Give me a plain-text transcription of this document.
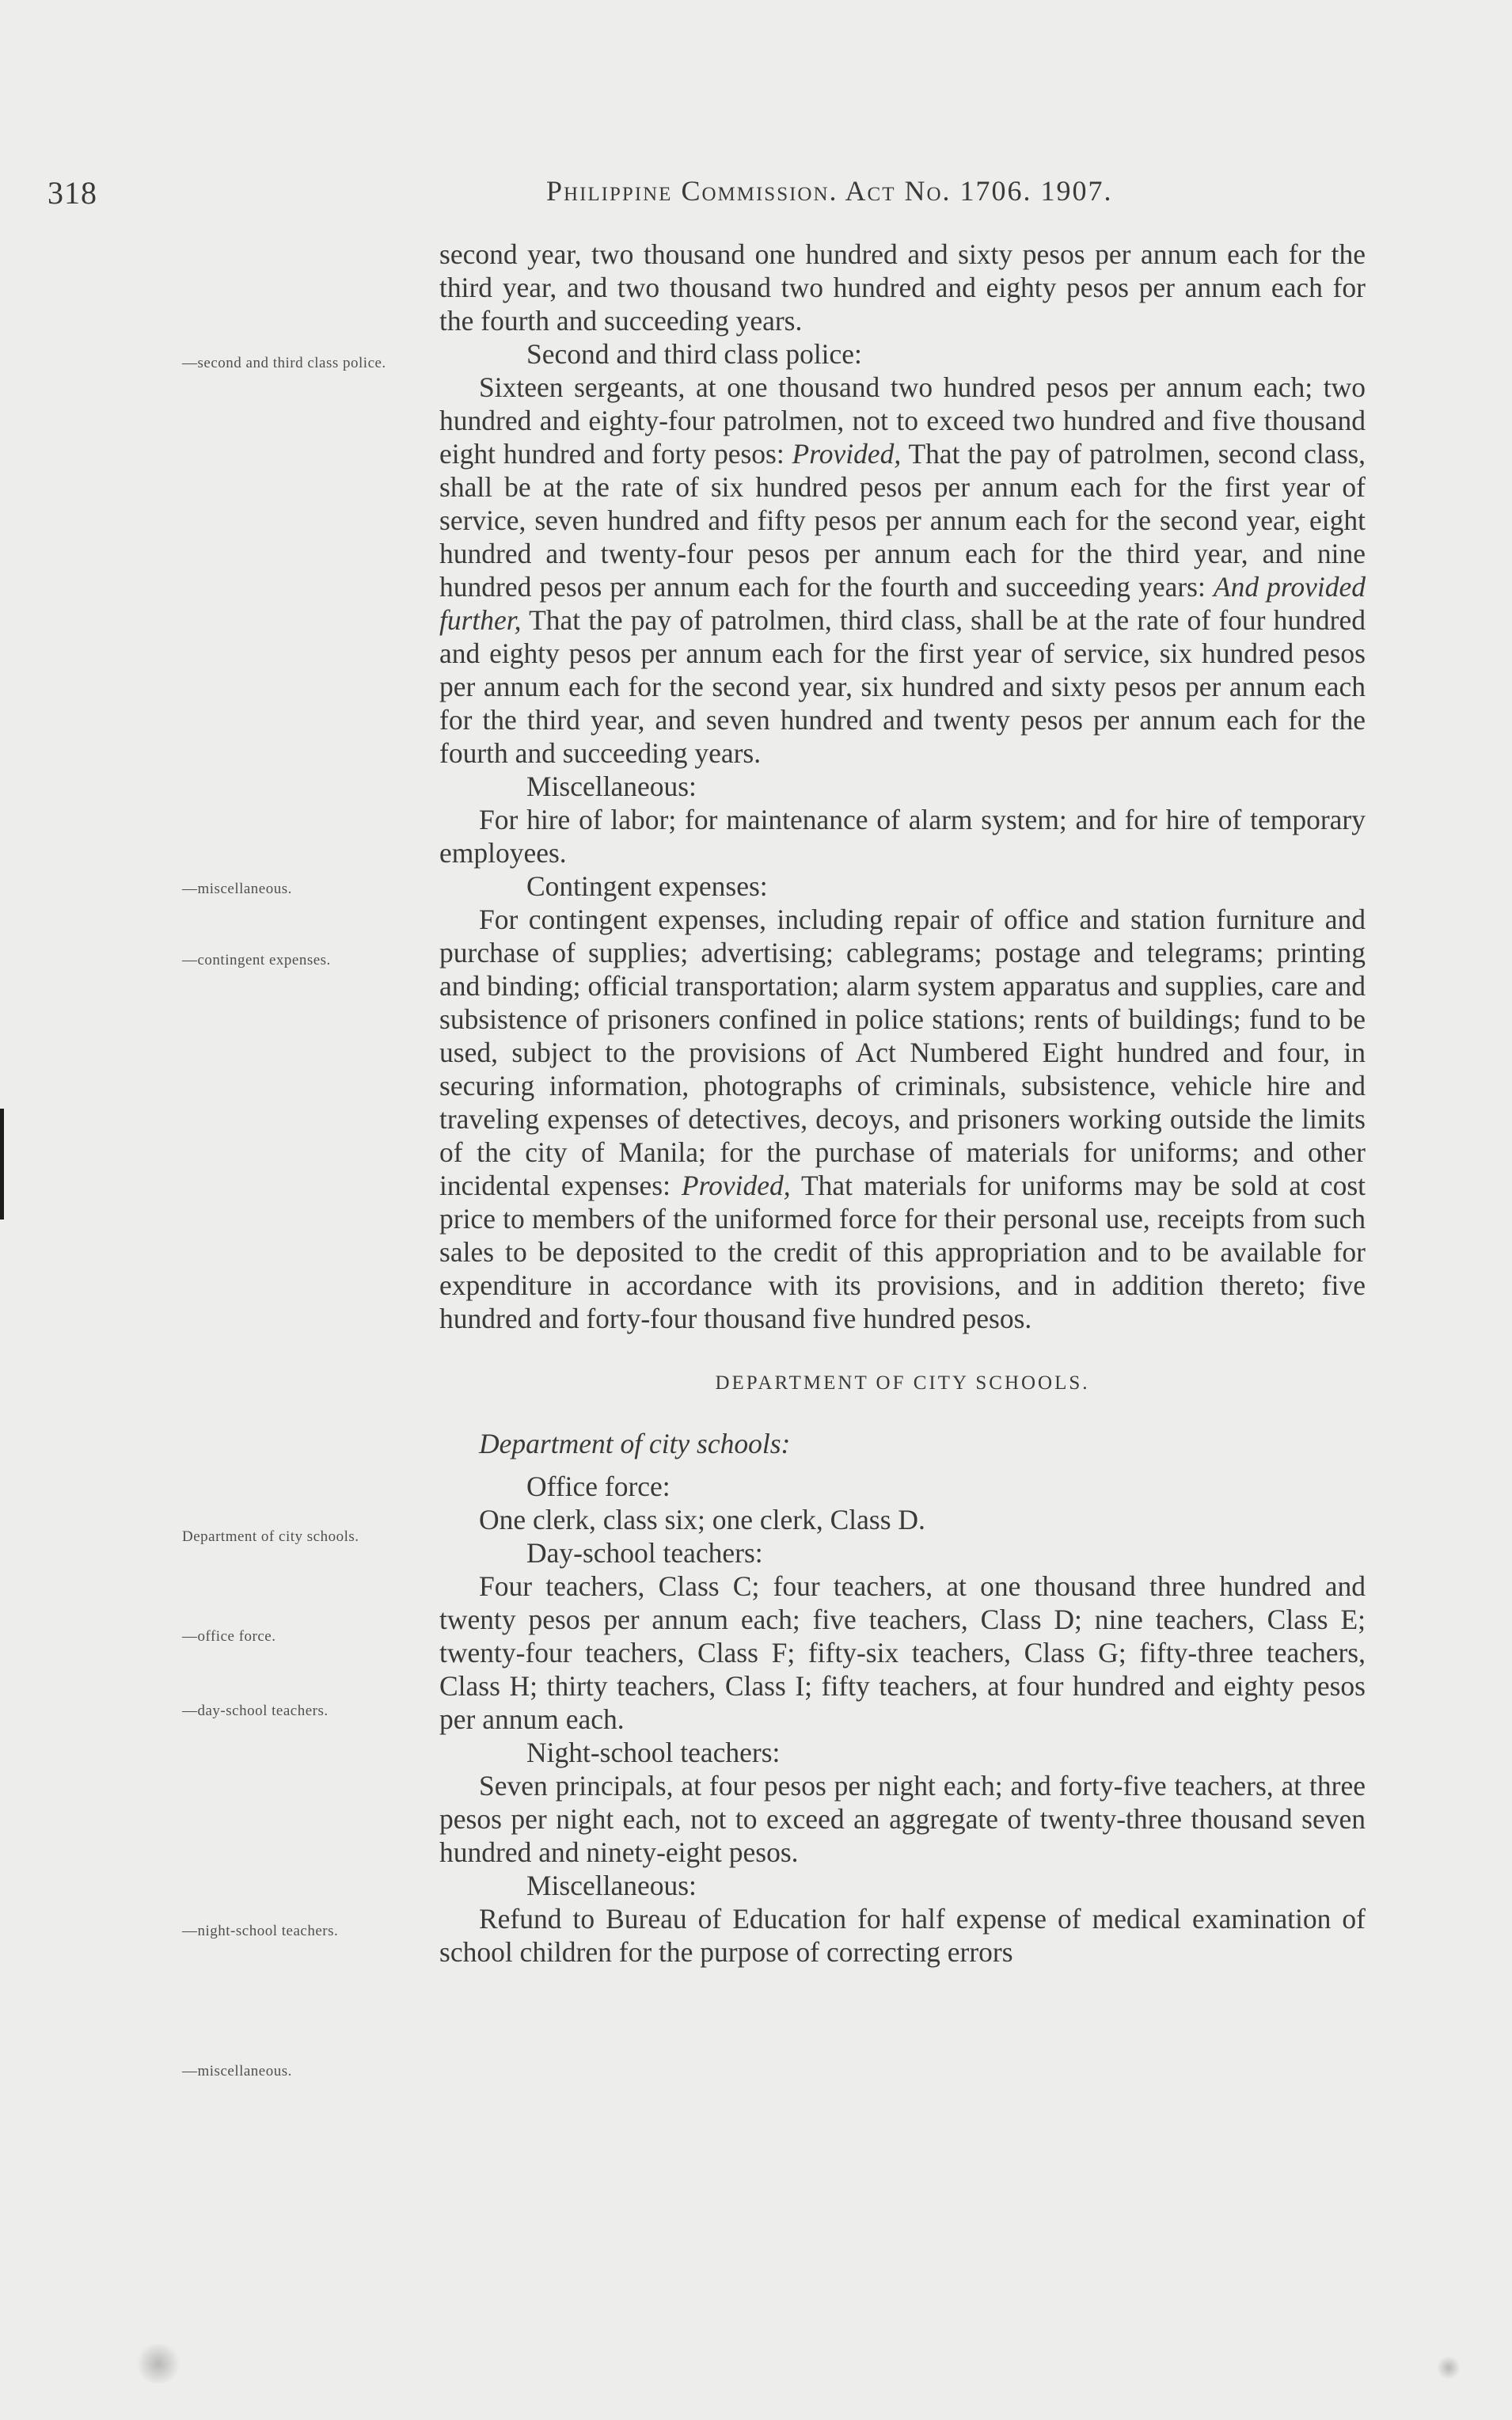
318	Philippine Commission. Act No. 1706. 1907.
—second and third class police.
—miscellaneous.
—contingent expenses.
Department of city schools.
—office force.
—day-school teachers.
—night-school teachers.
—miscellaneous.

second year, two thousand one hundred and sixty pesos per annum each for the third year, and two thousand two hundred and eighty pesos per annum each for the fourth and succeeding years.

Second and third class police:

Sixteen sergeants, at one thousand two hundred pesos per annum each; two hundred and eighty-four patrolmen, not to exceed two hundred and five thousand eight hundred and forty pesos: Provided, That the pay of patrolmen, second class, shall be at the rate of six hundred pesos per annum each for the first year of service, seven hundred and fifty pesos per annum each for the second year, eight hundred and twenty-four pesos per annum each for the third year, and nine hundred pesos per annum each for the fourth and succeeding years: And provided further, That the pay of patrolmen, third class, shall be at the rate of four hundred and eighty pesos per annum each for the first year of service, six hundred pesos per annum each for the second year, six hundred and sixty pesos per annum each for the third year, and seven hundred and twenty pesos per annum each for the fourth and succeeding years.

Miscellaneous:

For hire of labor; for maintenance of alarm system; and for hire of temporary employees.

Contingent expenses:

For contingent expenses, including repair of office and station furniture and purchase of supplies; advertising; cablegrams; postage and telegrams; printing and binding; official transportation; alarm system apparatus and supplies, care and subsistence of prisoners confined in police stations; rents of buildings; fund to be used, subject to the provisions of Act Numbered Eight hundred and four, in securing information, photographs of criminals, subsistence, vehicle hire and traveling expenses of detectives, decoys, and prisoners working outside the limits of the city of Manila; for the purchase of materials for uniforms; and other incidental expenses: Provided, That materials for uniforms may be sold at cost price to members of the uniformed force for their personal use, receipts from such sales to be deposited to the credit of this appropriation and to be available for expenditure in accordance with its provisions, and in addition thereto; five hundred and forty-four thousand five hundred pesos.

DEPARTMENT OF CITY SCHOOLS.

Department of city schools:

Office force:

One clerk, class six; one clerk, Class D.

Day-school teachers:

Four teachers, Class C; four teachers, at one thousand three hundred and twenty pesos per annum each; five teachers, Class D; nine teachers, Class E; twenty-four teachers, Class F; fifty-six teachers, Class G; fifty-three teachers, Class H; thirty teachers, Class I; fifty teachers, at four hundred and eighty pesos per annum each.

Night-school teachers:

Seven principals, at four pesos per night each; and forty-five teachers, at three pesos per night each, not to exceed an aggregate of twenty-three thousand seven hundred and ninety-eight pesos.

Miscellaneous:

Refund to Bureau of Education for half expense of medical examination of school children for the purpose of correcting errors
